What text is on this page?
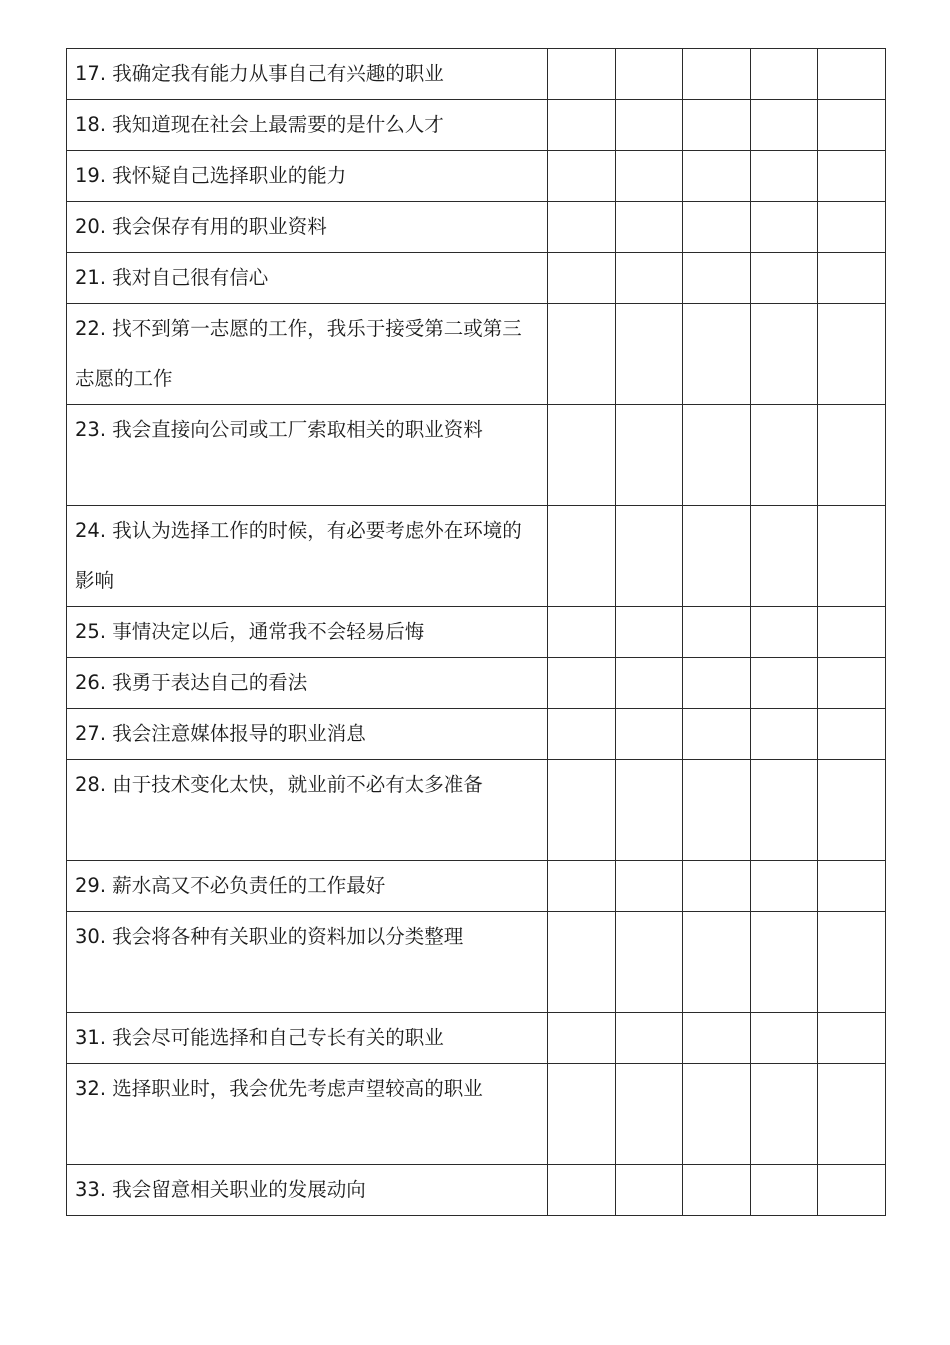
17. 我确定我有能力从事自己有兴趣的职业					

18. 我知道现在社会上最需要的是什么人才					

19. 我怀疑自己选择职业的能力					

20. 我会保存有用的职业资料					

21. 我对自己很有信心					

22. 找不到第一志愿的工作，我乐于接受第二或第三志愿的工作					

23. 我会直接向公司或工厂索取相关的职业资料					

24. 我认为选择工作的时候，有必要考虑外在环境的影响					

25. 事情决定以后，通常我不会轻易后悔					

26. 我勇于表达自己的看法					

27. 我会注意媒体报导的职业消息					

28. 由于技术变化太快，就业前不必有太多准备					

29. 薪水高又不必负责任的工作最好					

30. 我会将各种有关职业的资料加以分类整理					

31. 我会尽可能选择和自己专长有关的职业					

32. 选择职业时，我会优先考虑声望较高的职业					

33. 我会留意相关职业的发展动向					
